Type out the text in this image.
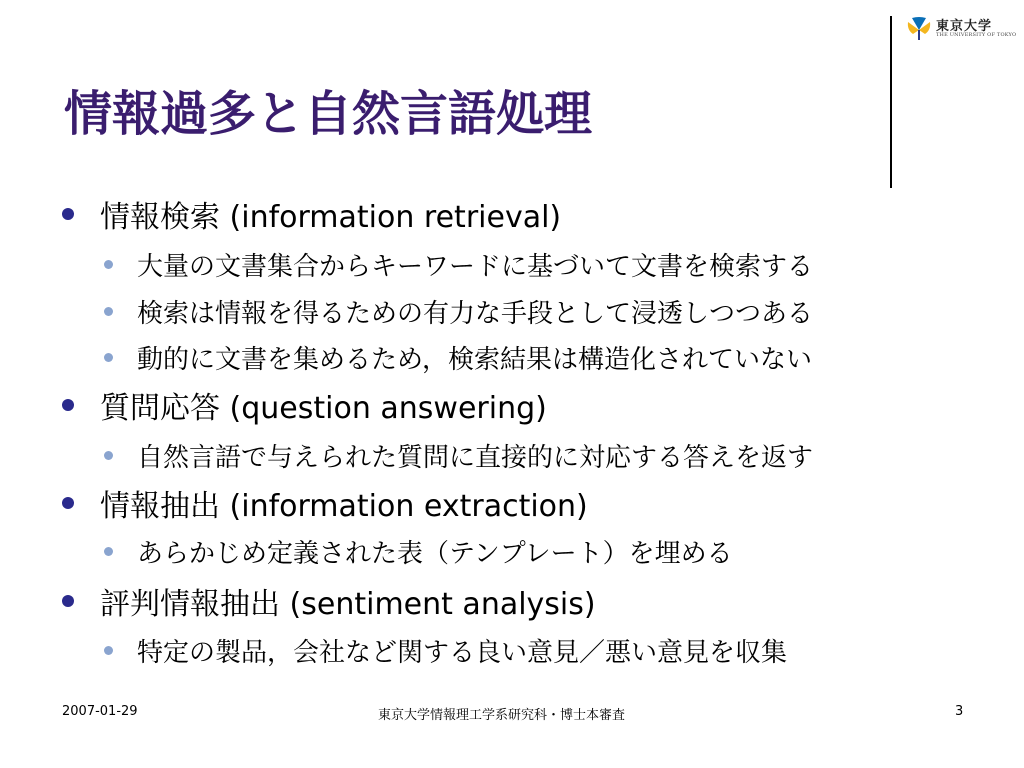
東京大学
THE UNIVERSITY OF TOKYO
情報過多と自然言語処理
情報検索 (information retrieval)
大量の文書集合からキーワードに基づいて文書を検索する
検索は情報を得るための有力な手段として浸透しつつある
動的に文書を集めるため，検索結果は構造化されていない
質問応答 (question answering)
自然言語で与えられた質問に直接的に対応する答えを返す
情報抽出 (information extraction)
あらかじめ定義された表（テンプレート）を埋める
評判情報抽出 (sentiment analysis)
特定の製品，会社など関する良い意見／悪い意見を収集
2007-01-29	東京大学情報理工学系研究科・博士本審査	3
